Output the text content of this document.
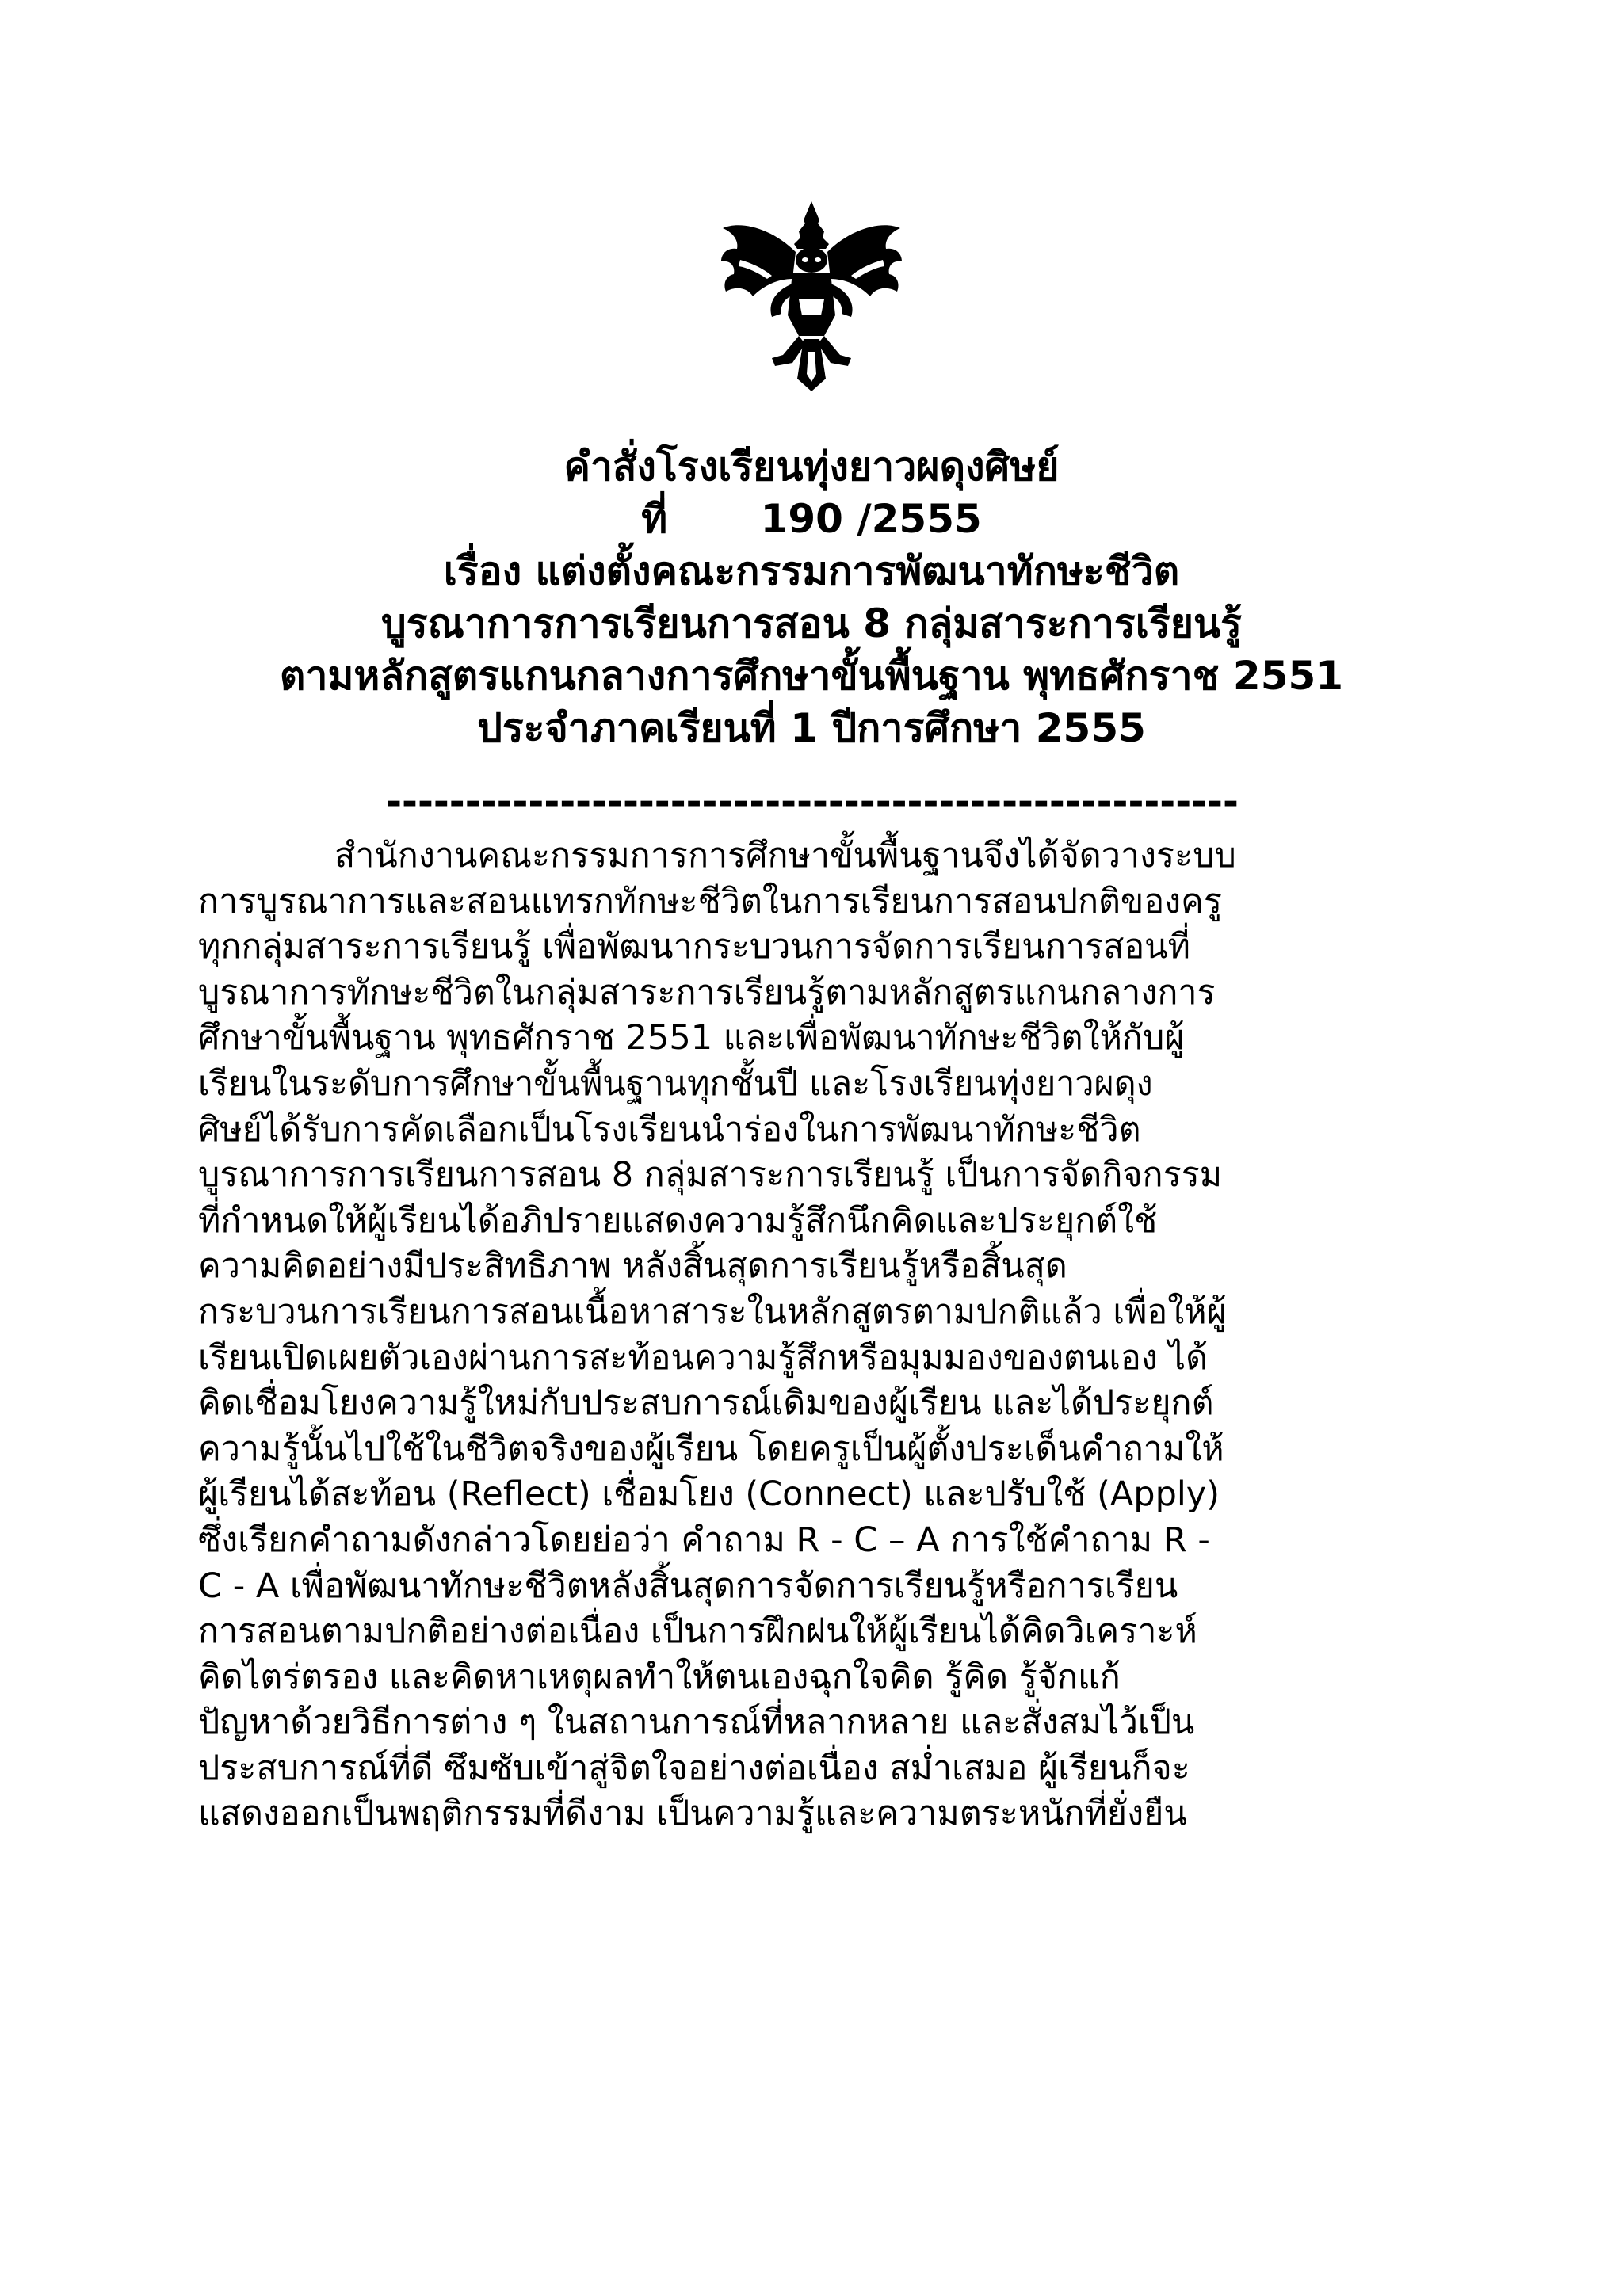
คำสั่งโรงเรียนทุ่งยาวผดุงศิษย์
ที่ 190 /2555
เรื่อง แต่งตั้งคณะกรรมการพัฒนาทักษะชีวิต
บูรณาการการเรียนการสอน 8 กลุ่มสาระการเรียนรู้
ตามหลักสูตรแกนกลางการศึกษาขั้นพื้นฐาน พุทธศักราช 2551
ประจำภาคเรียนที่ 1 ปีการศึกษา 2555
------------------------------------------------------
สำนักงานคณะกรรมการการศึกษาขั้นพื้นฐานจึงได้จัดวางระบบ
การบูรณาการและสอนแทรกทักษะชีวิตในการเรียนการสอนปกติของครู
ทุกกลุ่มสาระการเรียนรู้ เพื่อพัฒนากระบวนการจัดการเรียนการสอนที่
บูรณาการทักษะชีวิตในกลุ่มสาระการเรียนรู้ตามหลักสูตรแกนกลางการ
ศึกษาขั้นพื้นฐาน พุทธศักราช 2551 และเพื่อพัฒนาทักษะชีวิตให้กับผู้
เรียนในระดับการศึกษาขั้นพื้นฐานทุกชั้นปี และโรงเรียนทุ่งยาวผดุง
ศิษย์ได้รับการคัดเลือกเป็นโรงเรียนนำร่องในการพัฒนาทักษะชีวิต
บูรณาการการเรียนการสอน 8 กลุ่มสาระการเรียนรู้ เป็นการจัดกิจกรรม
ที่กำหนดให้ผู้เรียนได้อภิปรายแสดงความรู้สึกนึกคิดและประยุกต์ใช้
ความคิดอย่างมีประสิทธิภาพ หลังสิ้นสุดการเรียนรู้หรือสิ้นสุด
กระบวนการเรียนการสอนเนื้อหาสาระในหลักสูตรตามปกติแล้ว เพื่อให้ผู้
เรียนเปิดเผยตัวเองผ่านการสะท้อนความรู้สึกหรือมุมมองของตนเอง ได้
คิดเชื่อมโยงความรู้ใหม่กับประสบการณ์เดิมของผู้เรียน และได้ประยุกต์
ความรู้นั้นไปใช้ในชีวิตจริงของผู้เรียน โดยครูเป็นผู้ตั้งประเด็นคำถามให้
ผู้เรียนได้สะท้อน (Reflect) เชื่อมโยง (Connect) และปรับใช้ (Apply)
ซึ่งเรียกคำถามดังกล่าวโดยย่อว่า คำถาม R - C – A การใช้คำถาม R -
C - A เพื่อพัฒนาทักษะชีวิตหลังสิ้นสุดการจัดการเรียนรู้หรือการเรียน
การสอนตามปกติอย่างต่อเนื่อง เป็นการฝึกฝนให้ผู้เรียนได้คิดวิเคราะห์
คิดไตร่ตรอง และคิดหาเหตุผลทำให้ตนเองฉุกใจคิด รู้คิด รู้จักแก้
ปัญหาด้วยวิธีการต่าง ๆ ในสถานการณ์ที่หลากหลาย และสั่งสมไว้เป็น
ประสบการณ์ที่ดี ซึมซับเข้าสู่จิตใจอย่างต่อเนื่อง สม่ำเสมอ ผู้เรียนก็จะ
แสดงออกเป็นพฤติกรรมที่ดีงาม เป็นความรู้และความตระหนักที่ยั่งยืน
